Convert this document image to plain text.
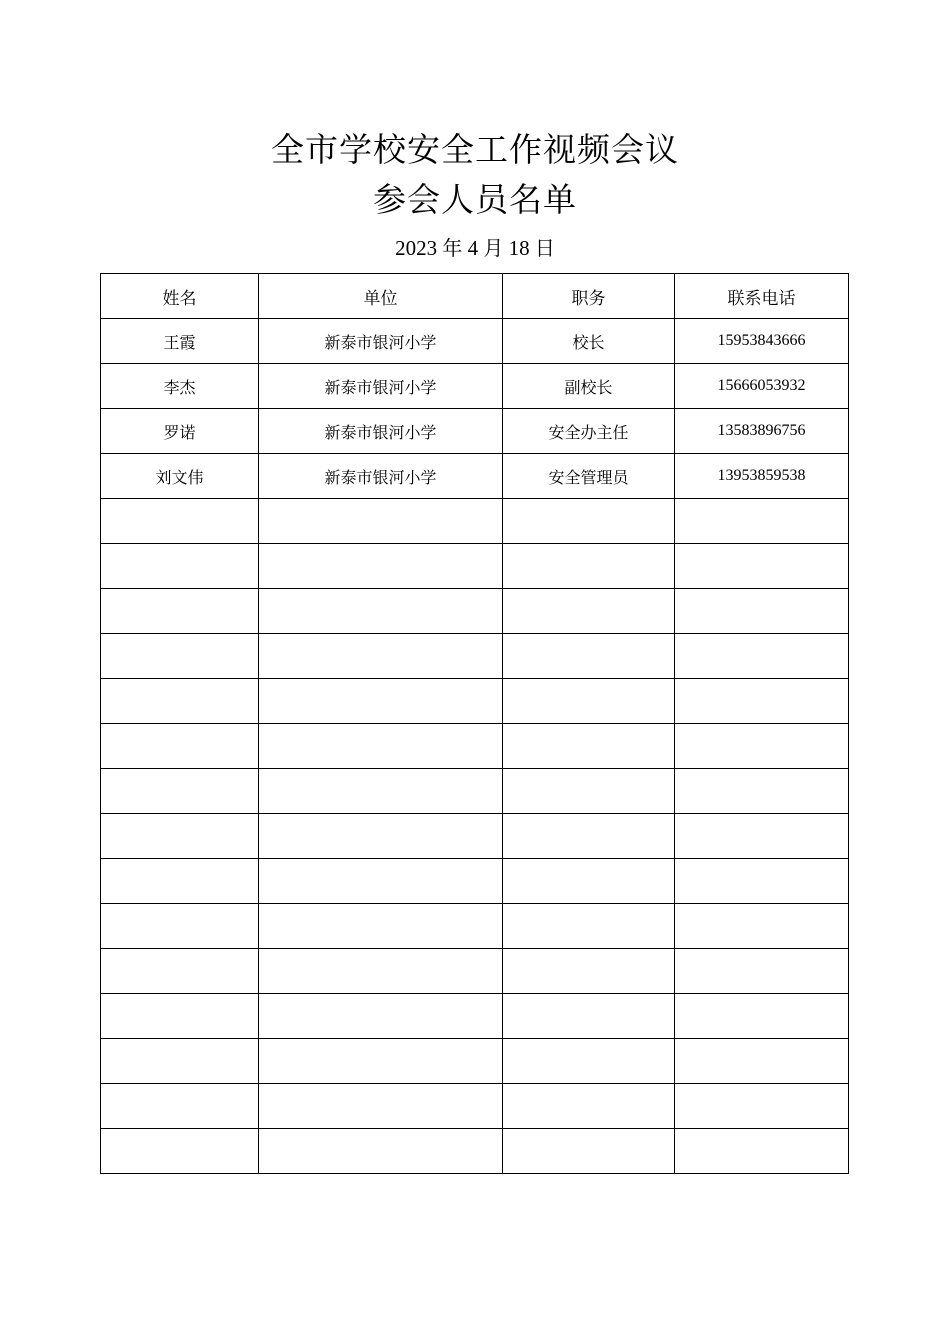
全市学校安全工作视频会议
参会人员名单
2023 年 4 月 18 日
姓名	单位	职务	联系电话
王霞	新泰市银河小学	校长	15953843666
李杰	新泰市银河小学	副校长	15666053932
罗诺	新泰市银河小学	安全办主任	13583896756
刘文伟	新泰市银河小学	安全管理员	13953859538
